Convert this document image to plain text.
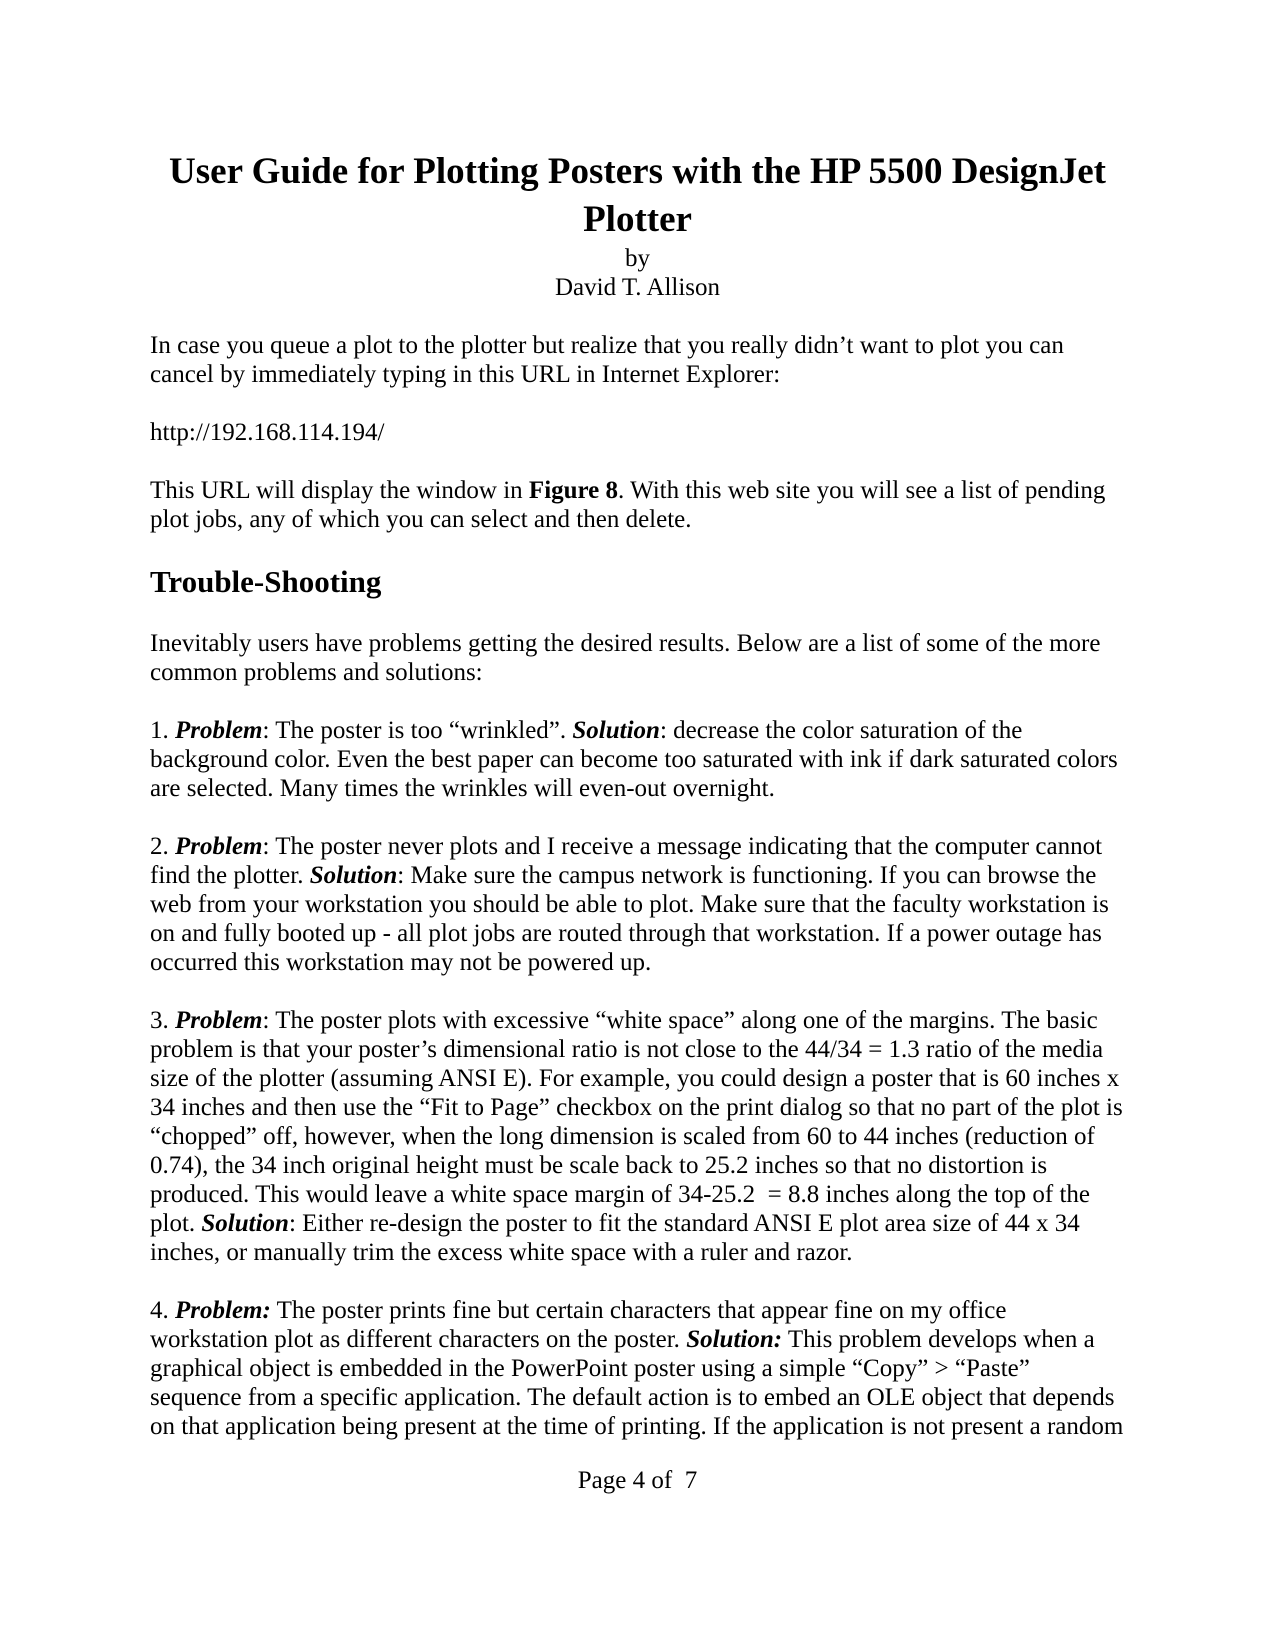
User Guide for Plotting Posters with the HP 5500 DesignJet Plotter

by

David T. Allison

In case you queue a plot to the plotter but realize that you really didn’t want to plot you can cancel by immediately typing in this URL in Internet Explorer:

http://192.168.114.194/

This URL will display the window in Figure 8. With this web site you will see a list of pending plot jobs, any of which you can select and then delete.

Trouble-Shooting

Inevitably users have problems getting the desired results. Below are a list of some of the more common problems and solutions:

1. Problem: The poster is too “wrinkled”. Solution: decrease the color saturation of the background color. Even the best paper can become too saturated with ink if dark saturated colors are selected. Many times the wrinkles will even-out overnight.

2. Problem: The poster never plots and I receive a message indicating that the computer cannot find the plotter. Solution: Make sure the campus network is functioning. If you can browse the web from your workstation you should be able to plot. Make sure that the faculty workstation is on and fully booted up - all plot jobs are routed through that workstation. If a power outage has occurred this workstation may not be powered up.

3. Problem: The poster plots with excessive “white space” along one of the margins. The basic problem is that your poster’s dimensional ratio is not close to the 44/34 = 1.3 ratio of the media size of the plotter (assuming ANSI E). For example, you could design a poster that is 60 inches x 34 inches and then use the “Fit to Page” checkbox on the print dialog so that no part of the plot is “chopped” off, however, when the long dimension is scaled from 60 to 44 inches (reduction of 0.74), the 34 inch original height must be scale back to 25.2 inches so that no distortion is produced. This would leave a white space margin of 34-25.2  = 8.8 inches along the top of the plot. Solution: Either re-design the poster to fit the standard ANSI E plot area size of 44 x 34 inches, or manually trim the excess white space with a ruler and razor.

4. Problem: The poster prints fine but certain characters that appear fine on my office workstation plot as different characters on the poster. Solution: This problem develops when a graphical object is embedded in the PowerPoint poster using a simple “Copy” > “Paste” sequence from a specific application. The default action is to embed an OLE object that depends on that application being present at the time of printing. If the application is not present a random

Page 4 of  7
